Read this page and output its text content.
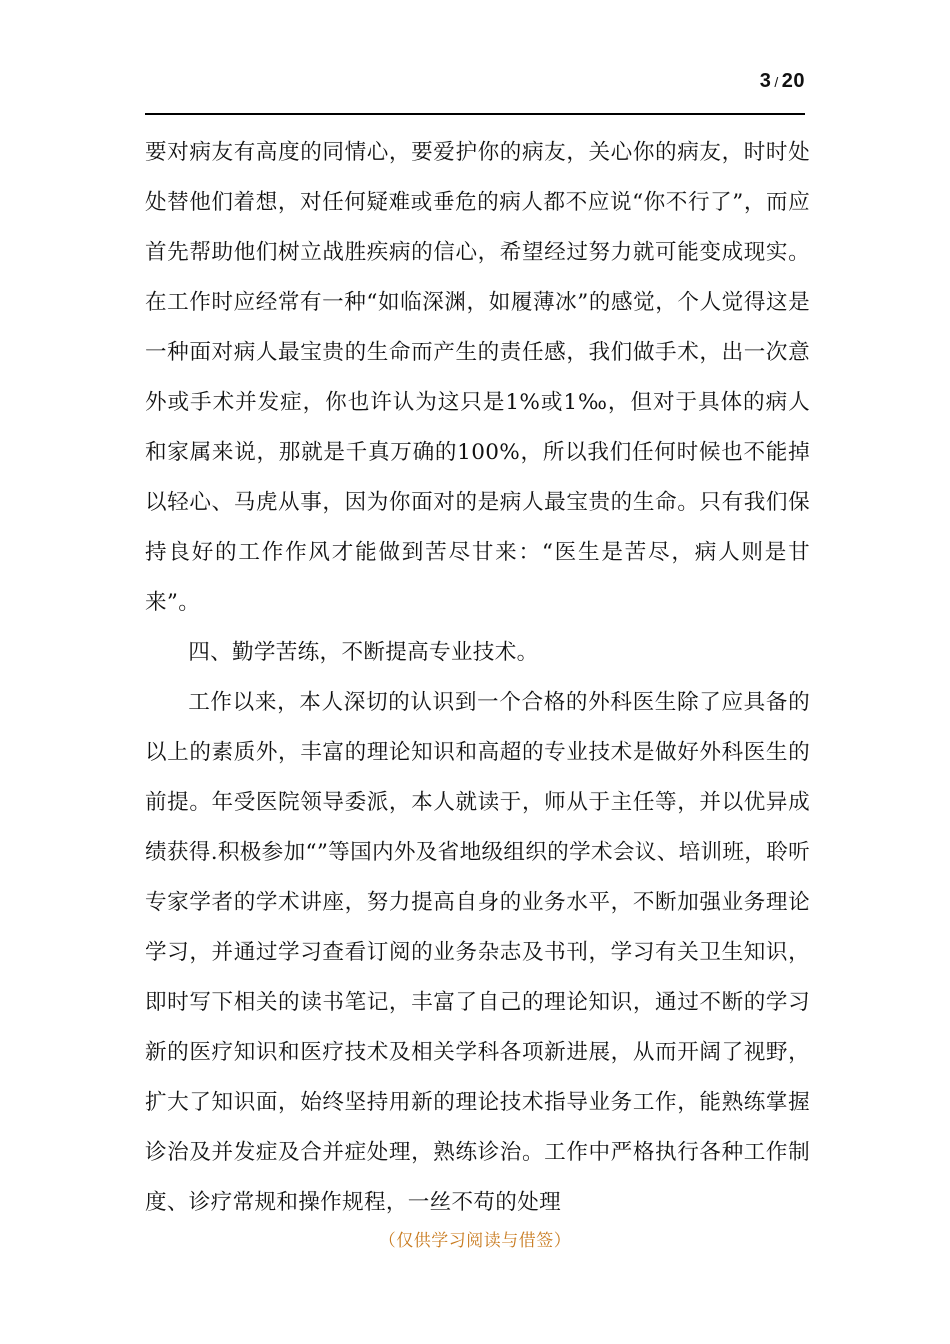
3 / 20
要对病友有高度的同情心，要爱护你的病友，关心你的病友，时时处处替他们着想，对任何疑难或垂危的病人都不应说“你不行了”，而应首先帮助他们树立战胜疾病的信心，希望经过努力就可能变成现实。在工作时应经常有一种“如临深渊，如履薄冰”的感觉，个人觉得这是一种面对病人最宝贵的生命而产生的责任感，我们做手术，出一次意外或手术并发症，你也许认为这只是1%或1‰，但对于具体的病人和家属来说，那就是千真万确的100%，所以我们任何时候也不能掉以轻心、马虎从事，因为你面对的是病人最宝贵的生命。只有我们保持良好的工作作风才能做到苦尽甘来：“医生是苦尽，病人则是甘来”。
四、勤学苦练，不断提高专业技术。
工作以来，本人深切的认识到一个合格的外科医生除了应具备的以上的素质外，丰富的理论知识和高超的专业技术是做好外科医生的前提。年受医院领导委派，本人就读于，师从于主任等，并以优异成绩获得.积极参加“”等国内外及省地级组织的学术会议、培训班，聆听专家学者的学术讲座，努力提高自身的业务水平，不断加强业务理论学习，并通过学习查看订阅的业务杂志及书刊，学习有关卫生知识，即时写下相关的读书笔记，丰富了自己的理论知识，通过不断的学习新的医疗知识和医疗技术及相关学科各项新进展，从而开阔了视野，扩大了知识面，始终坚持用新的理论技术指导业务工作，能熟练掌握诊治及并发症及合并症处理，熟练诊治。工作中严格执行各种工作制度、诊疗常规和操作规程，一丝不苟的处理
（仅供学习阅读与借签）
